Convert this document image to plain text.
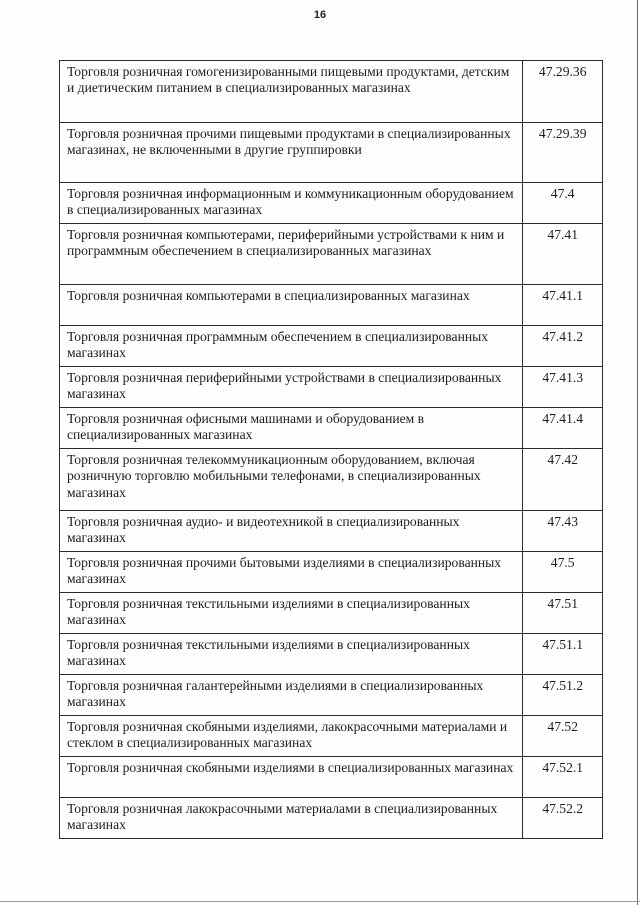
16
Торговля розничная гомогенизированными пищевыми продуктами, детским и диетическим питанием в специализированных магазинах	47.29.36
Торговля розничная прочими пищевыми продуктами в специализированных магазинах, не включенными в другие группировки	47.29.39
Торговля розничная информационным и коммуникационным оборудованием в специализированных магазинах	47.4
Торговля розничная компьютерами, периферийными устройствами к ним и программным обеспечением в специализированных магазинах	47.41
Торговля розничная компьютерами в специализированных магазинах	47.41.1
Торговля розничная программным обеспечением в специализированных магазинах	47.41.2
Торговля розничная периферийными устройствами в специализированных магазинах	47.41.3
Торговля розничная офисными машинами и оборудованием в специализированных магазинах	47.41.4
Торговля розничная телекоммуникационным оборудованием, включая розничную торговлю мобильными телефонами, в специализированных магазинах	47.42
Торговля розничная аудио- и видеотехникой в специализированных магазинах	47.43
Торговля розничная прочими бытовыми изделиями в специализированных магазинах	47.5
Торговля розничная текстильными изделиями в специализированных магазинах	47.51
Торговля розничная текстильными изделиями в специализированных магазинах	47.51.1
Торговля розничная галантерейными изделиями в специализированных магазинах	47.51.2
Торговля розничная скобяными изделиями, лакокрасочными материалами и стеклом в специализированных магазинах	47.52
Торговля розничная скобяными изделиями в специализированных магазинах	47.52.1
Торговля розничная лакокрасочными материалами в специализированных магазинах	47.52.2
